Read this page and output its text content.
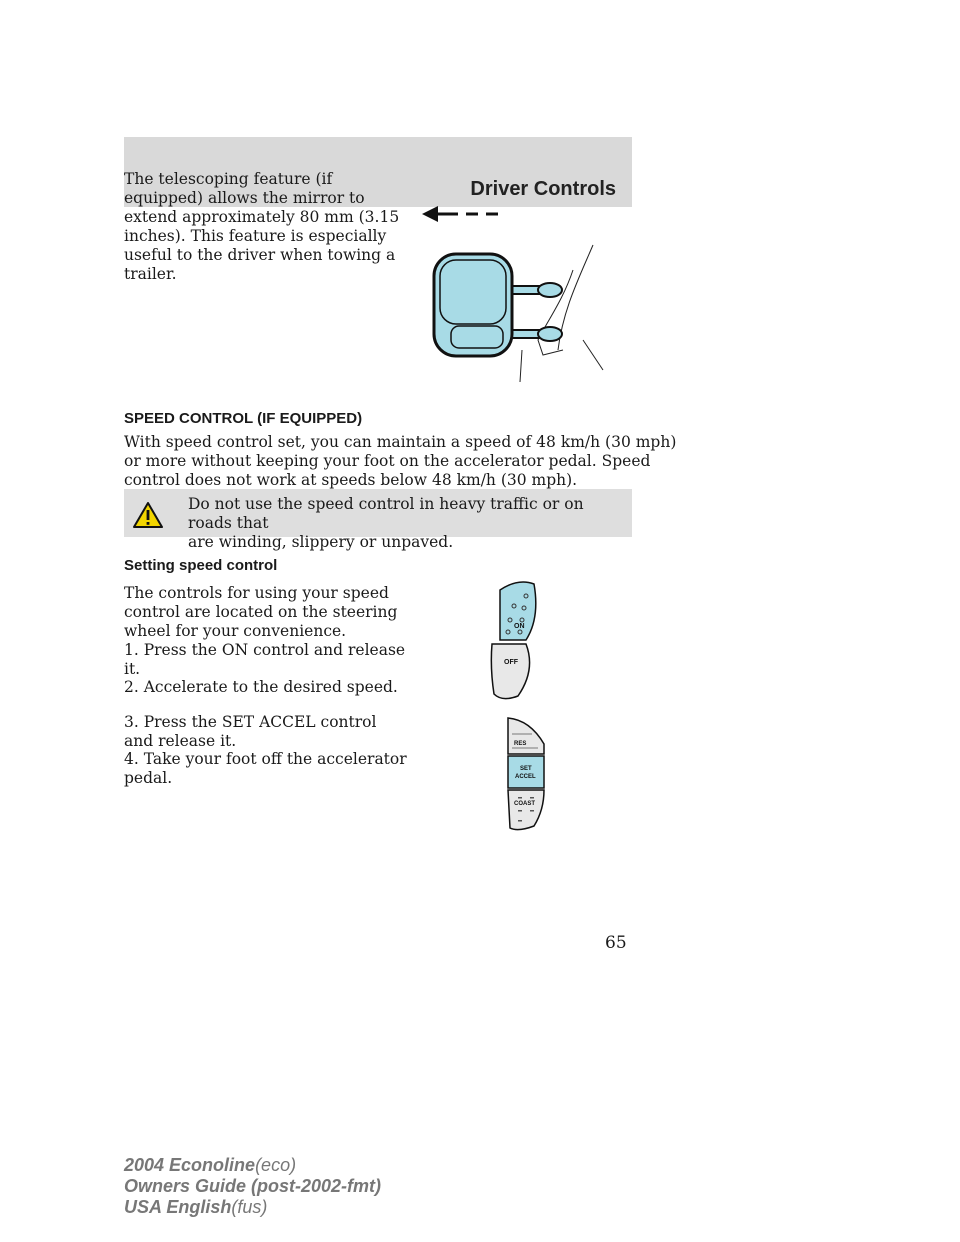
Driver Controls

The telescoping feature (if
equipped) allows the mirror to
extend approximately 80 mm (3.15
inches). This feature is especially
useful to the driver when towing a
trailer.

SPEED CONTROL (IF EQUIPPED)

With speed control set, you can maintain a speed of 48 km/h (30 mph)
or more without keeping your foot on the accelerator pedal. Speed
control does not work at speeds below 48 km/h (30 mph).

Do not use the speed control in heavy traffic or on roads that
are winding, slippery or unpaved.

Setting speed control

The controls for using your speed
control are located on the steering
wheel for your convenience.

1. Press the ON control and release
it.

2. Accelerate to the desired speed.

3. Press the SET ACCEL control
and release it.

4. Take your foot off the accelerator
pedal.

ON
OFF
RES
SET
ACCEL
COAST
65
2004 Econoline(eco)
Owners Guide (post-2002-fmt)
USA English(fus)
